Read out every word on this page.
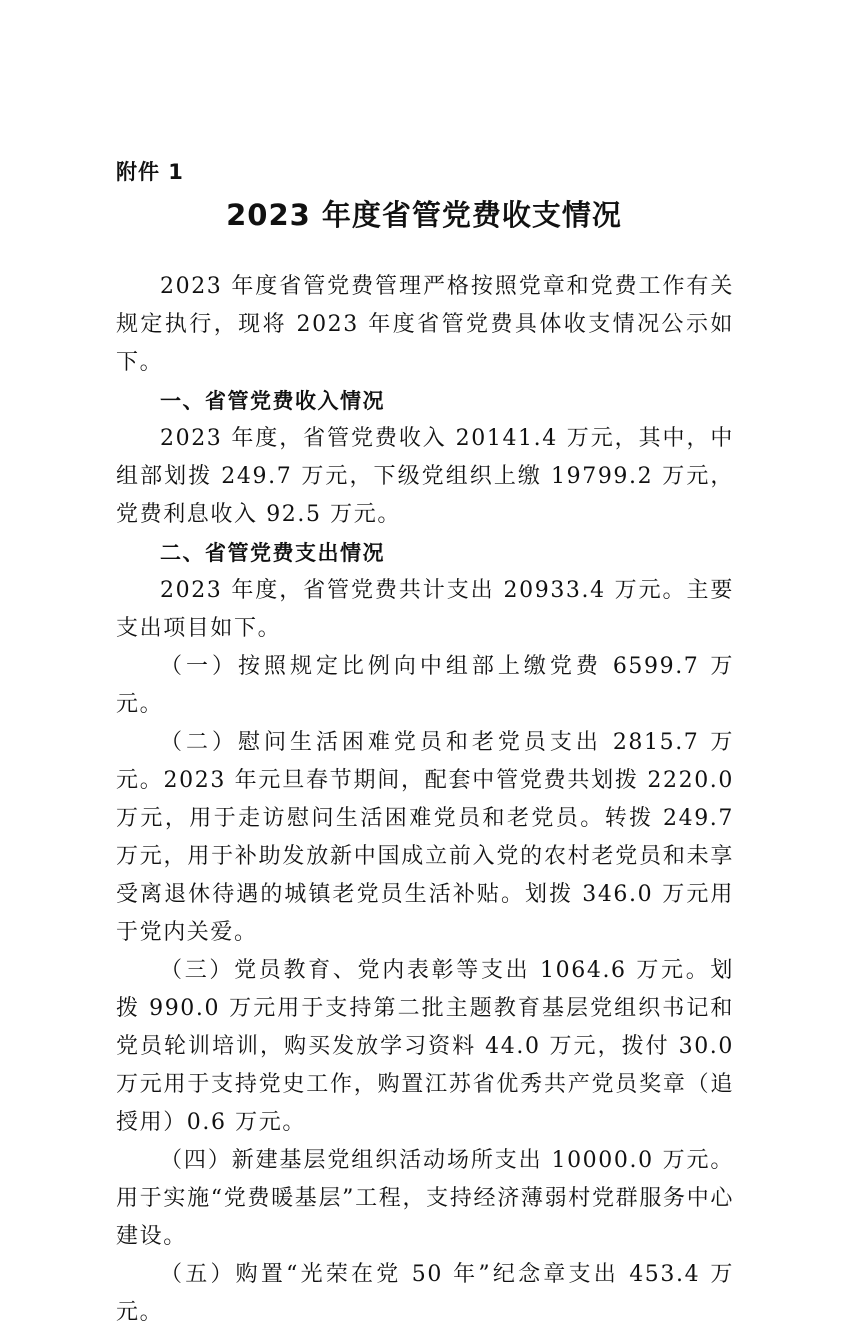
附件 1
2023 年度省管党费收支情况

2023 年度省管党费管理严格按照党章和党费工作有关规定执行，现将 2023 年度省管党费具体收支情况公示如下。

一、省管党费收入情况

2023 年度，省管党费收入 20141.4 万元，其中，中组部划拨 249.7 万元，下级党组织上缴 19799.2 万元，党费利息收入 92.5 万元。

二、省管党费支出情况

2023 年度，省管党费共计支出 20933.4 万元。主要支出项目如下。

（一）按照规定比例向中组部上缴党费 6599.7 万元。

（二）慰问生活困难党员和老党员支出 2815.7 万元。2023 年元旦春节期间，配套中管党费共划拨 2220.0 万元，用于走访慰问生活困难党员和老党员。转拨 249.7 万元，用于补助发放新中国成立前入党的农村老党员和未享受离退休待遇的城镇老党员生活补贴。划拨 346.0 万元用于党内关爱。

（三）党员教育、党内表彰等支出 1064.6 万元。划拨 990.0 万元用于支持第二批主题教育基层党组织书记和党员轮训培训，购买发放学习资料 44.0 万元，拨付 30.0 万元用于支持党史工作，购置江苏省优秀共产党员奖章（追授用）0.6 万元。

（四）新建基层党组织活动场所支出 10000.0 万元。用于实施“党费暖基层”工程，支持经济薄弱村党群服务中心建设。

（五）购置“光荣在党 50 年”纪念章支出 453.4 万元。
